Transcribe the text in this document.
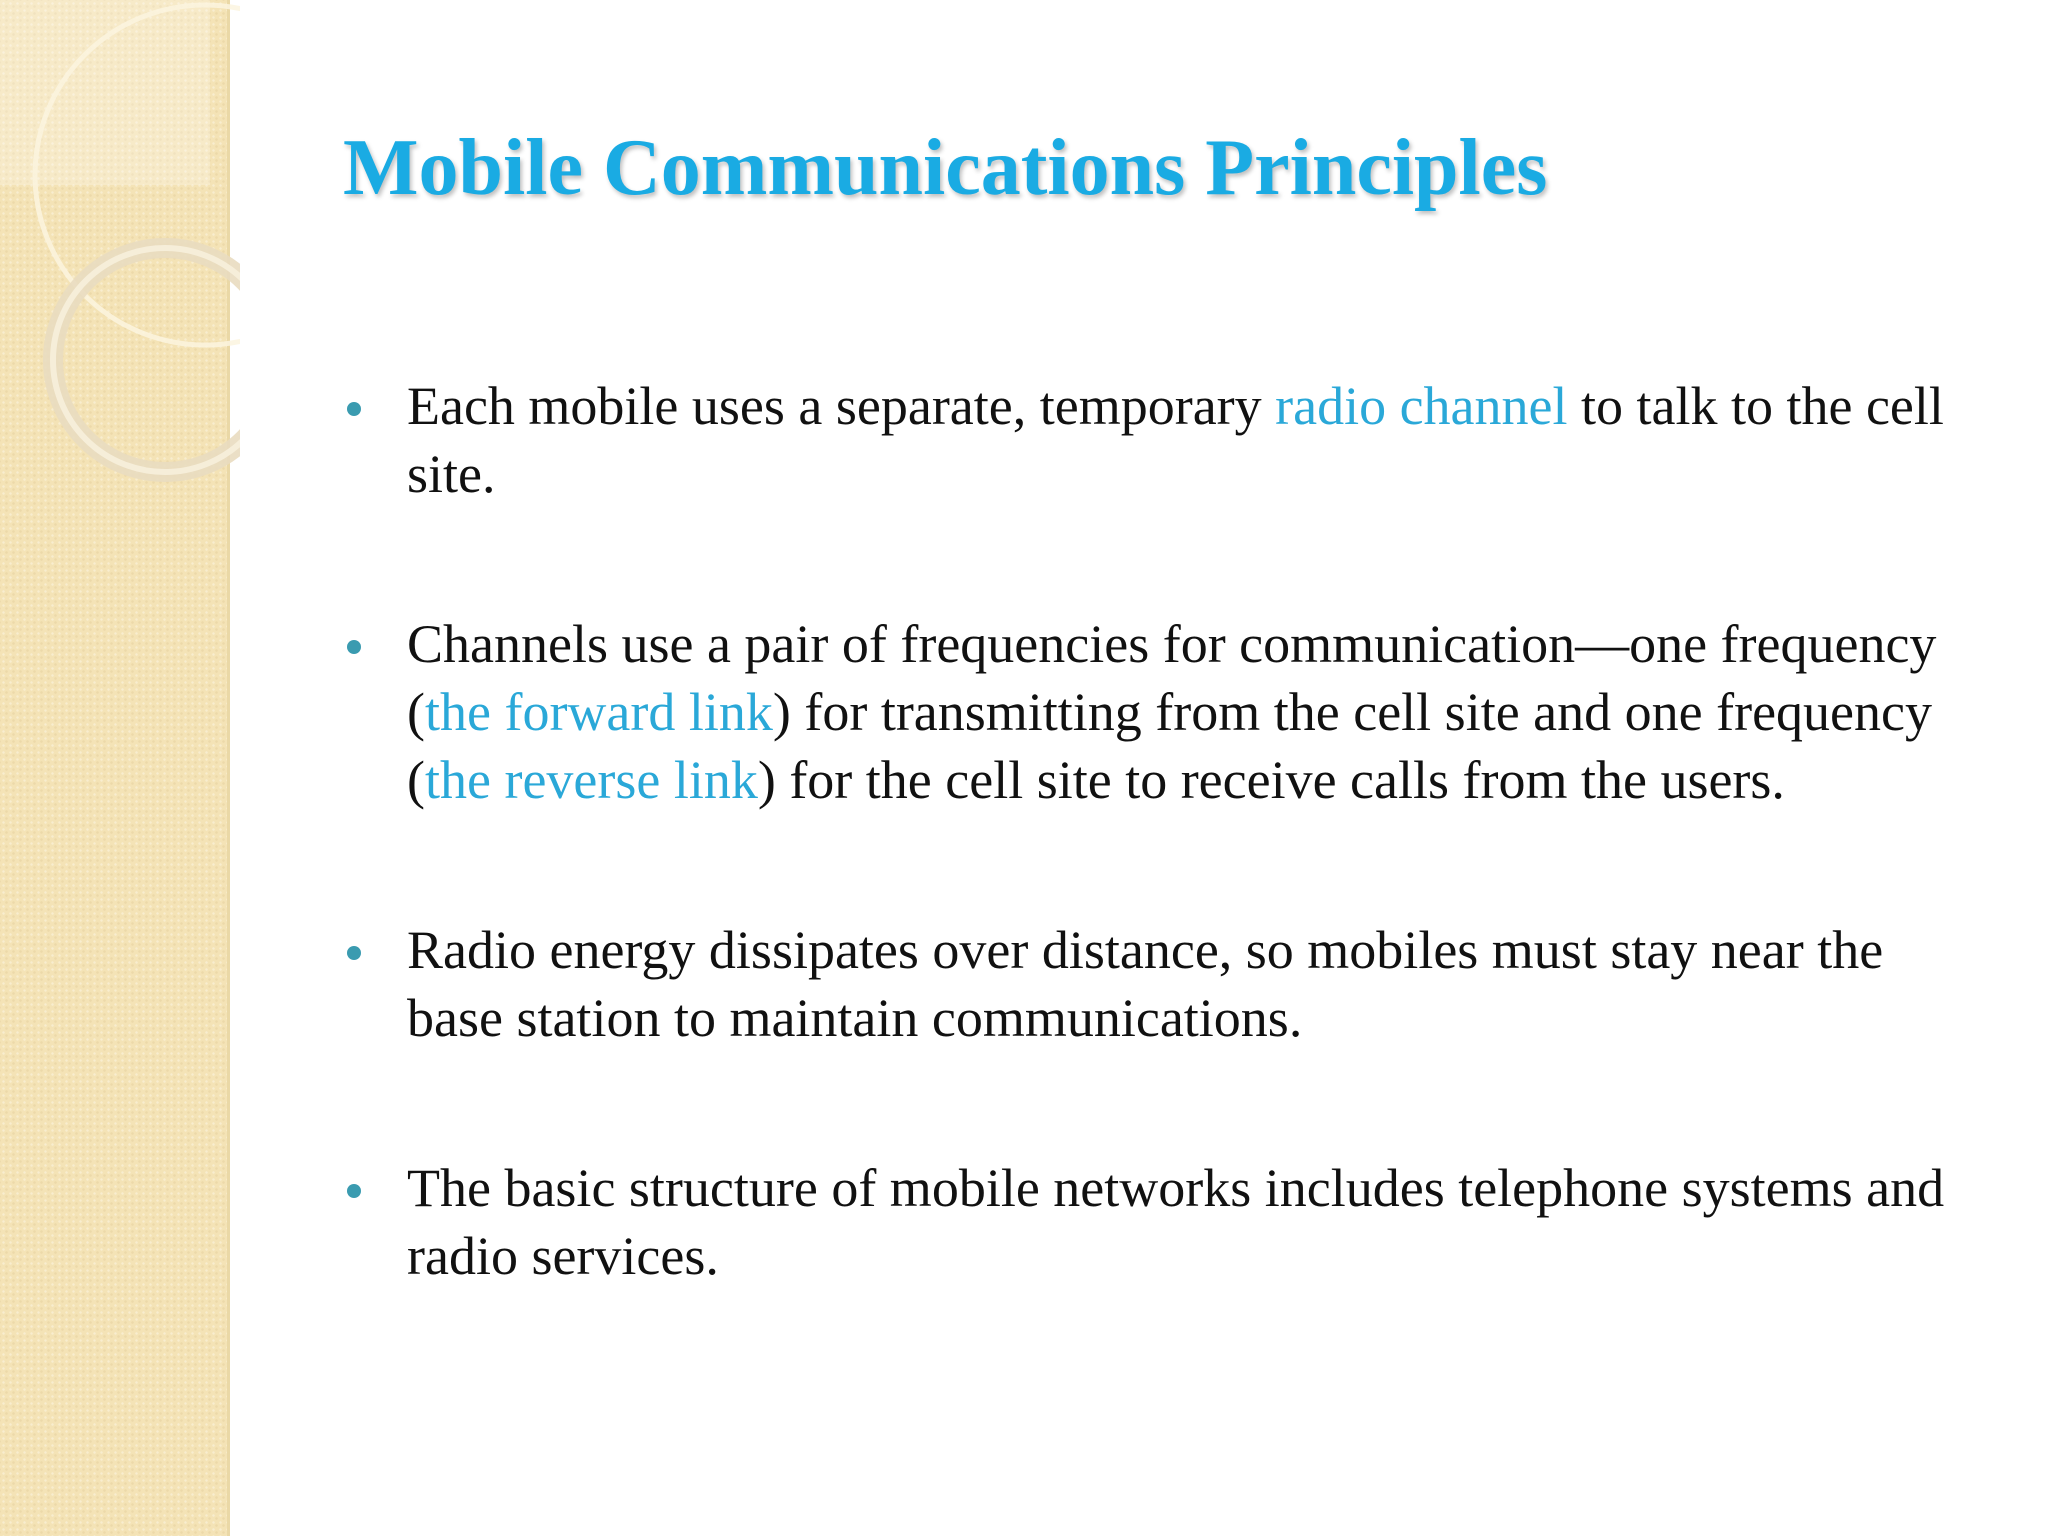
Mobile Communications Principles
Each mobile uses a separate, temporary radio channel to talk to the cell site.
Channels use a pair of frequencies for communication—one frequency (the forward link) for transmitting from the cell site and one frequency (the reverse link) for the cell site to receive calls from the users.
Radio energy dissipates over distance, so mobiles must stay near the base station to maintain communications.
The basic structure of mobile networks includes telephone systems and radio services.
